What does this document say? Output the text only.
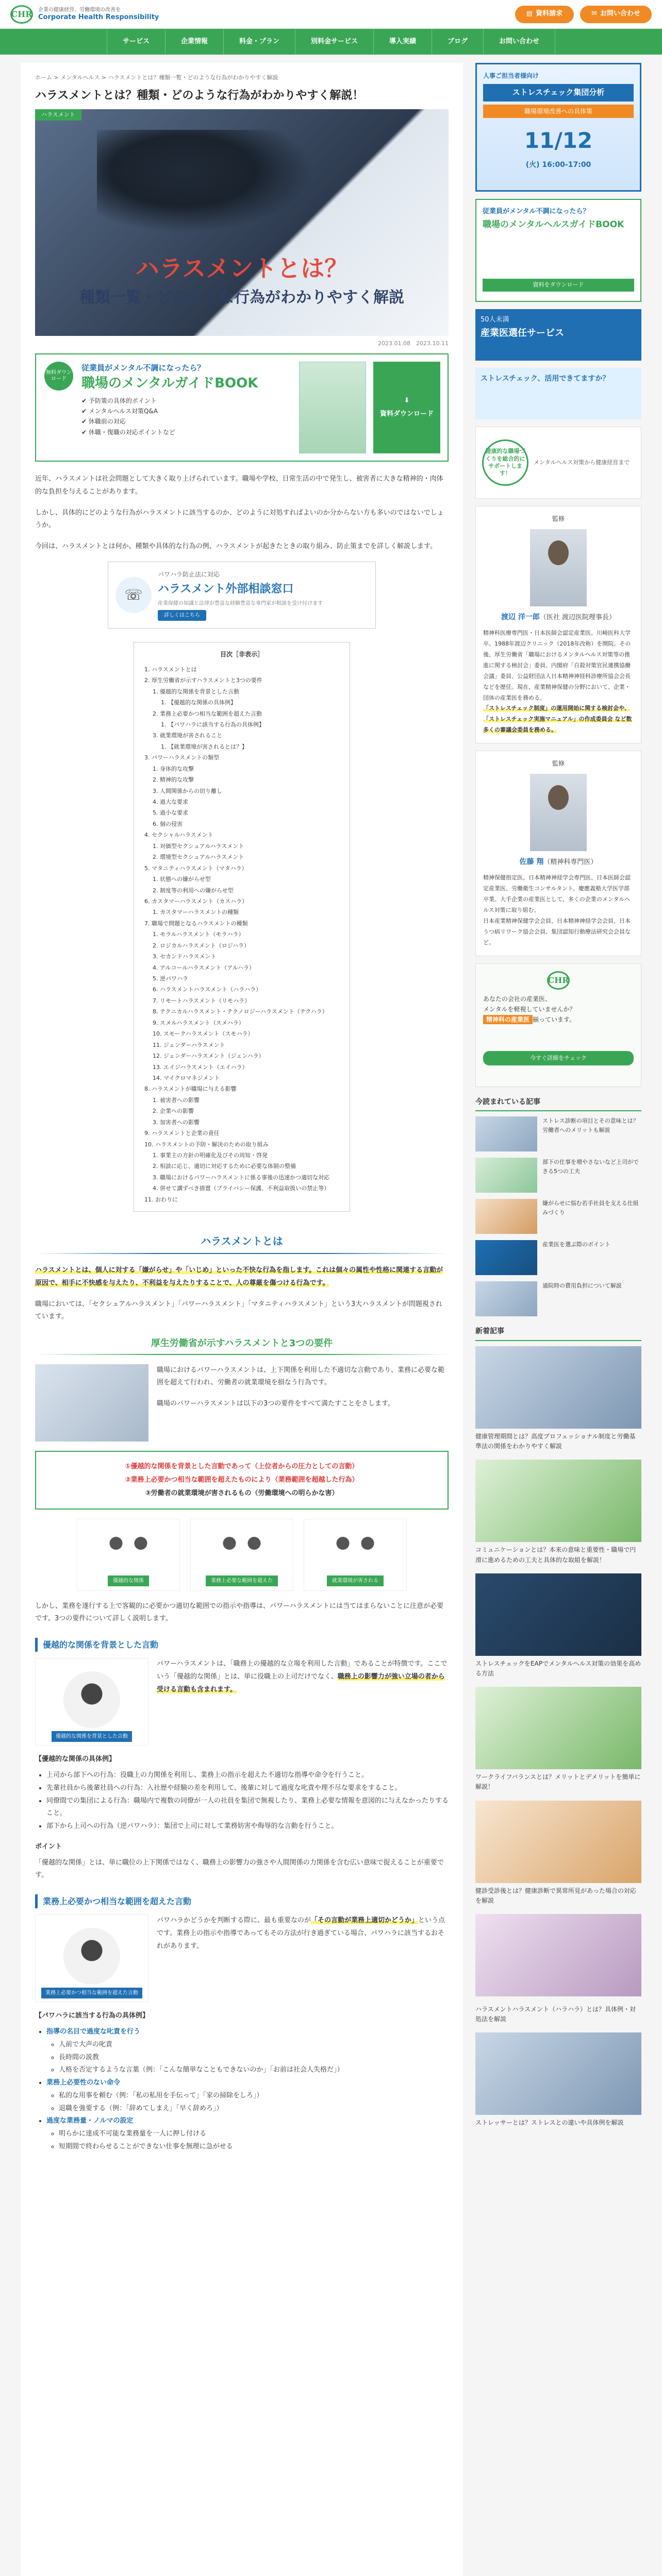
CHR 企業の健康経営、労働環境の改善を
Corporate Health Responsibility	▤ 資料請求	✉ お問い合わせ
サービス	企業情報	料金・プラン	別料金サービス	導入実績	ブログ	お問い合わせ
ホーム > メンタルヘルス > ハラスメントとは？種類一覧・どのような行為がわかりやすく解説
ハラスメントとは？種類・どのような行為がわかりやすく解説！
ハラスメント
ハラスメントとは？
種類一覧・どのような行為がわかりやすく解説
2023.01.08　2023.10.11
無料ダウンロード
従業員がメンタル不調になったら？
職場のメンタルガイドBOOK
✔ 予防策の具体的ポイント
✔ メンタルヘルス対策Q&A
✔ 休職前の対応
✔ 休職・復職の対応ポイントなど
⬇
資料ダウンロード

近年、ハラスメントは社会問題として大きく取り上げられています。職場や学校、日常生活の中で発生し、被害者に大きな精神的・肉体的な負担を与えることがあります。

しかし、具体的にどのような行為がハラスメントに該当するのか、どのように対処すればよいのか分からない方も多いのではないでしょうか。

今回は、ハラスメントとは何か、種類や具体的な行為の例、ハラスメントが起きたときの取り組み、防止策までを詳しく解説します。

☏
パワハラ防止法に対応
ハラスメント外部相談窓口
産業保健の知識と法律が豊富な経験豊富な専門家が相談を受け付けます
詳しくはこちら
目次［非表示］
1. ハラスメントとは
2. 厚生労働省が示すハラスメントと3つの要件
1. 優越的な関係を背景とした言動
1. 【優越的な関係の具体例】
2. 業務上必要かつ相当な範囲を超えた言動
1. 【パワハラに該当する行為の具体例】
3. 就業環境が害されること
1. 【就業環境が害されるとは？】
3. パワーハラスメントの類型
1. 身体的な攻撃
2. 精神的な攻撃
3. 人間関係からの切り離し
4. 過大な要求
5. 過小な要求
6. 個の侵害
4. セクシャルハラスメント
1. 対価型セクシュアルハラスメント
2. 環境型セクシュアルハラスメント
5. マタニティハラスメント（マタハラ）
1. 状態への嫌がらせ型
2. 制度等の利用への嫌がらせ型
6. カスタマーハラスメント（カスハラ）
1. カスタマーハラスメントの種類
7. 職場で問題となるハラスメントの種類
1. モラルハラスメント（モラハラ）
2. ロジカルハラスメント（ロジハラ）
3. セカンドハラスメント
4. アルコールハラスメント（アルハラ）
5. 逆パワハラ
6. ハラスメントハラスメント（ハラハラ）
7. リモートハラスメント（リモハラ）
8. テクニカルハラスメント・テクノロジーハラスメント（テクハラ）
9. スメルハラスメント（スメハラ）
10. スモークハラスメント（スモハラ）
11. ジェンダーハラスメント
12. ジェンダーハラスメント（ジェンハラ）
13. エイジハラスメント（エイハラ）
14. マイクロマネジメント
8. ハラスメントが職場に与える影響
1. 被害者への影響
2. 企業への影響
3. 加害者への影響
9. ハラスメントと企業の責任
10. ハラスメントの予防・解決のための取り組み
1. 事業主の方針の明確化及びその周知・啓発
2. 相談に応じ、適切に対応するために必要な体制の整備
3. 職場におけるパワーハラスメントに係る事後の迅速かつ適切な対応
4. 併せて講ずべき措置（プライバシー保護、不利益取扱いの禁止等）
11. おわりに
ハラスメントとは

ハラスメントとは、個人に対する「嫌がらせ」や「いじめ」といった不快な行為を指します。これは個々の属性や性格に関連する言動が原因で、相手に不快感を与えたり、不利益を与えたりすることで、人の尊厳を傷つける行為です。

職場においては、「セクシュアルハラスメント」「パワーハラスメント」「マタニティハラスメント」という3大ハラスメントが問題視されています。

厚生労働省が示すハラスメントと3つの要件

職場におけるパワーハラスメントは、上下関係を利用した不適切な言動であり、業務に必要な範囲を超えて行われ、労働者の就業環境を損なう行為です。

職場のパワーハラスメントは以下の3つの要件をすべて満たすことをさします。

①優越的な関係を背景とした言動であって（上位者からの圧力としての言動）
②業務上必要かつ相当な範囲を超えたものにより（業務範囲を超越した行為）
③労働者の就業環境が害されるもの（労働環境への明らかな害）
優越的な関係	業務上必要な範囲を超えた	就業環境が害される

しかし、業務を遂行する上で客観的に必要かつ適切な範囲での指示や指導は、パワーハラスメントには当てはまらないことに注意が必要です。3つの要件について詳しく説明します。

優越的な関係を背景とした言動
優越的な関係を背景とした言動

パワーハラスメントは、「職務上の優越的な立場を利用した言動」であることが特徴です。ここでいう「優越的な関係」とは、単に役職上の上司だけでなく、職務上の影響力が強い立場の者から受ける言動も含まれます。

【優越的な関係の具体例】
• 上司から部下への行為：役職上の力関係を利用し、業務上の指示を超えた不適切な指導や命令を行うこと。
• 先輩社員から後輩社員への行為：入社歴や経験の差を利用して、後輩に対して過度な叱責や理不尽な要求をすること。
• 同僚間での集団による行為：職場内で複数の同僚が一人の社員を集団で無視したり、業務上必要な情報を意図的に与えなかったりすること。
• 部下から上司への行為（逆パワハラ）：集団で上司に対して業務妨害や侮辱的な言動を行うこと。
ポイント

「優越的な関係」とは、単に職位の上下関係ではなく、職務上の影響力の強さや人間関係の力関係を含む広い意味で捉えることが重要です。

業務上必要かつ相当な範囲を超えた言動
業務上必要かつ相当な範囲を超えた言動

パワハラかどうかを判断する際に、最も重要なのが「その言動が業務上適切かどうか」という点です。業務上の指示や指導であってもその方法が行き過ぎている場合、パワハラに該当するおそれがあります。

【パワハラに該当する行為の具体例】
• 指導の名目で過度な叱責を行う
◦ 人前で大声の叱責
◦ 長時間の説教
◦ 人格を否定するような言葉（例：「こんな簡単なこともできないのか」「お前は社会人失格だ」）
• 業務上必要性のない命令
◦ 私的な用事を頼む（例：「私の私用を手伝って」「家の掃除をしろ」）
◦ 退職を強要する（例：「辞めてしまえ」「早く辞めろ」）
• 過度な業務量・ノルマの設定
◦ 明らかに達成不可能な業務量を一人に押し付ける
◦ 短期間で終わらせることができない仕事を無理に急がせる
人事ご担当者様向け
ストレスチェック集団分析
職場環境改善への具体策
11/12
(火) 16:00-17:00
従業員がメンタル不調になったら？
職場のメンタルヘルスガイドBOOK
資料をダウンロード
50人未満
産業医選任サービス
ストレスチェック、活用できてますか？
健康的な職場づくりを総合的にサポートします！
メンタルヘルス対策から健康経営まで
監修
渡辺 洋一郎（医社 渡辺医院理事長）

精神科医療専門医・日本医師会認定産業医。川崎医科大学卒。1988年渡辺クリニック（2018年改称）を開院。その後、厚生労働省「職場におけるメンタルヘルス対策等の推進に関する検討会」委員、内閣府「自殺対策官民連携協働会議」委員、公益財団法人日本精神神経科診療所協会会長などを歴任。現在、産業精神保健の分野において、企業・団体の産業医を務める。

「ストレスチェック制度」の運用開始に関する検討会や、「ストレスチェック実施マニュアル」の作成委員会 など数多くの審議会委員を務める。

監修
佐藤 翔（精神科専門医）

精神保健指定医、日本精神神経学会専門医、日本医師会認定産業医、労働衛生コンサルタント。慶應義塾大学医学部卒業。大手企業の産業医として、多くの企業のメンタルヘルス対策に取り組む。

日本産業精神保健学会会員、日本精神神経学会会員、日本うつ病リワーク協会会員、集団認知行動療法研究会会員など。

CHR
あなたの会社の産業医、
メンタルを軽視していませんか？
精神科の産業医 揃っています。
今すぐ詳細をチェック
今読まれている記事
ストレス診断の項目とその意味とは？労働者へのメリットも解説
部下の仕事を増やさないなど上司ができる5つの工夫
嫌がらせに悩む若手社員を支える仕組みづくり
産業医を選ぶ際のポイント
通院時の費用負担について解説
新着記事
健康管理期間とは？高度プロフェッショナル制度と労働基準法の関係をわかりやすく解説
コミュニケーションとは？本来の意味と重要性・職場で円滑に進めるための工夫と具体的な取組を解説！
ストレスチェックをEAPでメンタルヘルス対策の効果を高める方法
ワークライフバランスとは？メリットとデメリットを簡単に解説！
健診受診後とは？健康診断で異常所見があった場合の対応を解説
ハラスメントハラスメント（ハラハラ）とは？具体例・対処法を解説
ストレッサーとは？ストレスとの違いや具体例を解説
